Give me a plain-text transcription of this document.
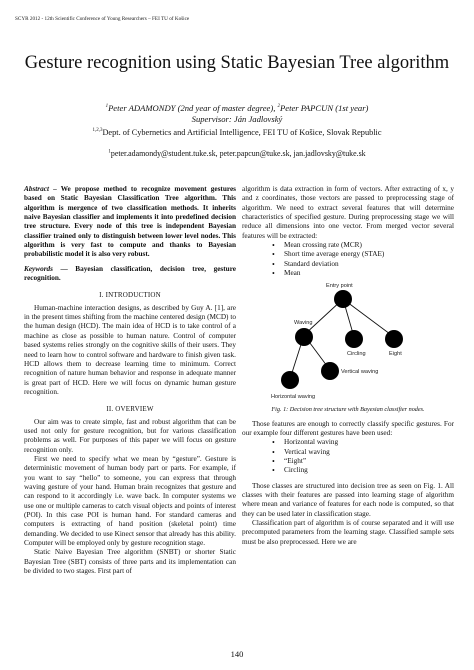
SCYR 2012 - 12th Scientific Conference of Young Researchers – FEI TU of Košice
Gesture recognition using Static Bayesian Tree algorithm
$^1$Peter ADAMONDY (2nd year of master degree), $^2$Peter PAPCUN (1st year)
Supervisor: Ján Jadlovský
$^{1,2,3}$Dept. of Cybernetics and Artificial Intelligence, FEI TU of Košice, Slovak Republic
$^1$peter.adamondy@student.tuke.sk, peter.papcun@tuke.sk, jan.jadlovsky@tuke.sk

Abstract – We propose method to recognize movement gestures based on Static Bayesian Classification Tree algorithm. This algorithm is mergence of two classification methods. It inherits naive Bayesian classifier and implements it into predefined decision tree structure. Every node of this tree is independent Bayesian classifier trained only to distinguish between lower level nodes. This algorithm is very fast to compute and thanks to Bayesian probabilistic model it is also very robust.

Keywords — Bayesian classification, decision tree, gesture recognition.

I. INTRODUCTION

Human-machine interaction designs, as described by Guy A. [1], are in the present times shifting from the machine centered design (MCD) to the human design (HCD). The main idea of HCD is to take control of a machine as close as possible to human nature. Control of computer based systems relies strongly on the cognitive skills of their users. They need to learn how to control software and hardware to finish given task. HCD allows them to decrease learning time to minimum. Correct recognition of nature human behavior and response in adequate manner is great part of HCD. Here we will focus on dynamic human gesture recognition.

II. OVERVIEW

Our aim was to create simple, fast and robust algorithm that can be used not only for gesture recognition, but for various classification problems as well. For purposes of this paper we will focus on gesture recognition only.

First we need to specify what we mean by “gesture”. Gesture is deterministic movement of human body part or parts. For example, if you want to say “hello” to someone, you can express that through waving gesture of your hand. Human brain recognizes that gesture and can respond to it accordingly i.e. wave back. In computer systems we use one or multiple cameras to catch visual objects and points of interest (POI). In this case POI is human hand. For standard cameras and computers is extracting of hand position (skeletal point) time demanding. We decided to use Kinect sensor that already has this ability. Computer will be employed only by gesture recognition stage.

Static Naive Bayesian Tree algorithm (SNBT) or shorter Static Bayesian Tree (SBT) consists of three parts and its implementation can be divided to two stages. First part of

algorithm is data extraction in form of vectors. After extracting of x, y and z coordinates, those vectors are passed to preprocessing stage of algorithm. We need to extract several features that will determine characteristics of specified gesture. During preprocessing stage we will reduce all dimensions into one vector. From merged vector several features will be extracted:

• Mean crossing rate (MCR)
• Short time average energy (STAE)
• Standard deviation
• Mean
Entry point
Waving
Circling	Eight
Vertical waving
Horizontal waving
Fig. 1: Decision tree structure with Bayesian classifier nodes.

Those features are enough to correctly classify specific gestures. For our example four different gestures have been used:

• Horizontal waving
• Vertical waving
• “Eight”
• Circling

Those classes are structured into decision tree as seen on Fig. 1. All classes with their features are passed into learning stage of algorithm where mean and variance of features for each node is computed, so that they can be used later in classification stage.

Classification part of algorithm is of course separated and it will use precomputed parameters from the learning stage. Classified sample sets must be also preprocessed. Here we are

140
